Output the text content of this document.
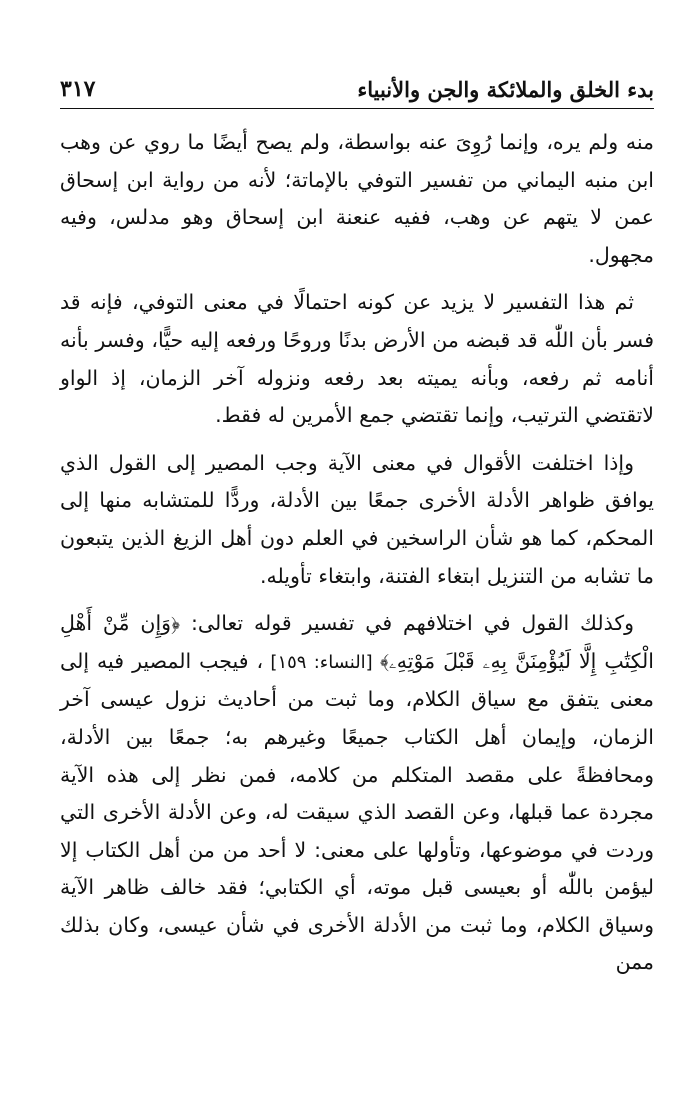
بدء الخلق والملائكة والجن والأنبياء
٣١٧

منه ولم يره، وإنما رُوِىَ عنه بواسطة، ولم يصح أيضًا ما روي عن وهب ابن منبه اليماني من تفسير التوفي بالإماتة؛ لأنه من رواية ابن إسحاق عمن لا يتهم عن وهب، ففيه عنعنة ابن إسحاق وهو مدلس، وفيه مجهول.

ثم هذا التفسير لا يزيد عن كونه احتمالًا في معنى التوفي، فإنه قد فسر بأن اللّٰه قد قبضه من الأرض بدنًا وروحًا ورفعه إليه حيًّا، وفسر بأنه أنامه ثم رفعه، وبأنه يميته بعد رفعه ونزوله آخر الزمان، إذ الواو لاتقتضي الترتيب، وإنما تقتضي جمع الأمرين له فقط.

وإذا اختلفت الأقوال في معنى الآية وجب المصير إلى القول الذي يوافق ظواهر الأدلة الأخرى جمعًا بين الأدلة، وردًّا للمتشابه منها إلى المحكم، كما هو شأن الراسخين في العلم دون أهل الزيغ الذين يتبعون ما تشابه من التنزيل ابتغاء الفتنة، وابتغاء تأويله.

وكذلك القول في اختلافهم في تفسير قوله تعالى: ﴿وَإِن مِّنْ أَهْلِ الْكِتَٰبِ إِلَّا لَيُؤْمِنَنَّ بِهِۦ قَبْلَ مَوْتِهِۦ﴾ [النساء: ١٥٩] ، فيجب المصير فيه إلى معنى يتفق مع سياق الكلام، وما ثبت من أحاديث نزول عيسى آخر الزمان، وإيمان أهل الكتاب جميعًا وغيرهم به؛ جمعًا بين الأدلة، ومحافظةً على مقصد المتكلم من كلامه، فمن نظر إلى هذه الآية مجردة عما قبلها، وعن القصد الذي سيقت له، وعن الأدلة الأخرى التي وردت في موضوعها، وتأولها على معنى: لا أحد من من أهل الكتاب إلا ليؤمن باللّٰه أو بعيسى قبل موته، أي الكتابي؛ فقد خالف ظاهر الآية وسياق الكلام، وما ثبت من الأدلة الأخرى في شأن عيسى، وكان بذلك ممن
